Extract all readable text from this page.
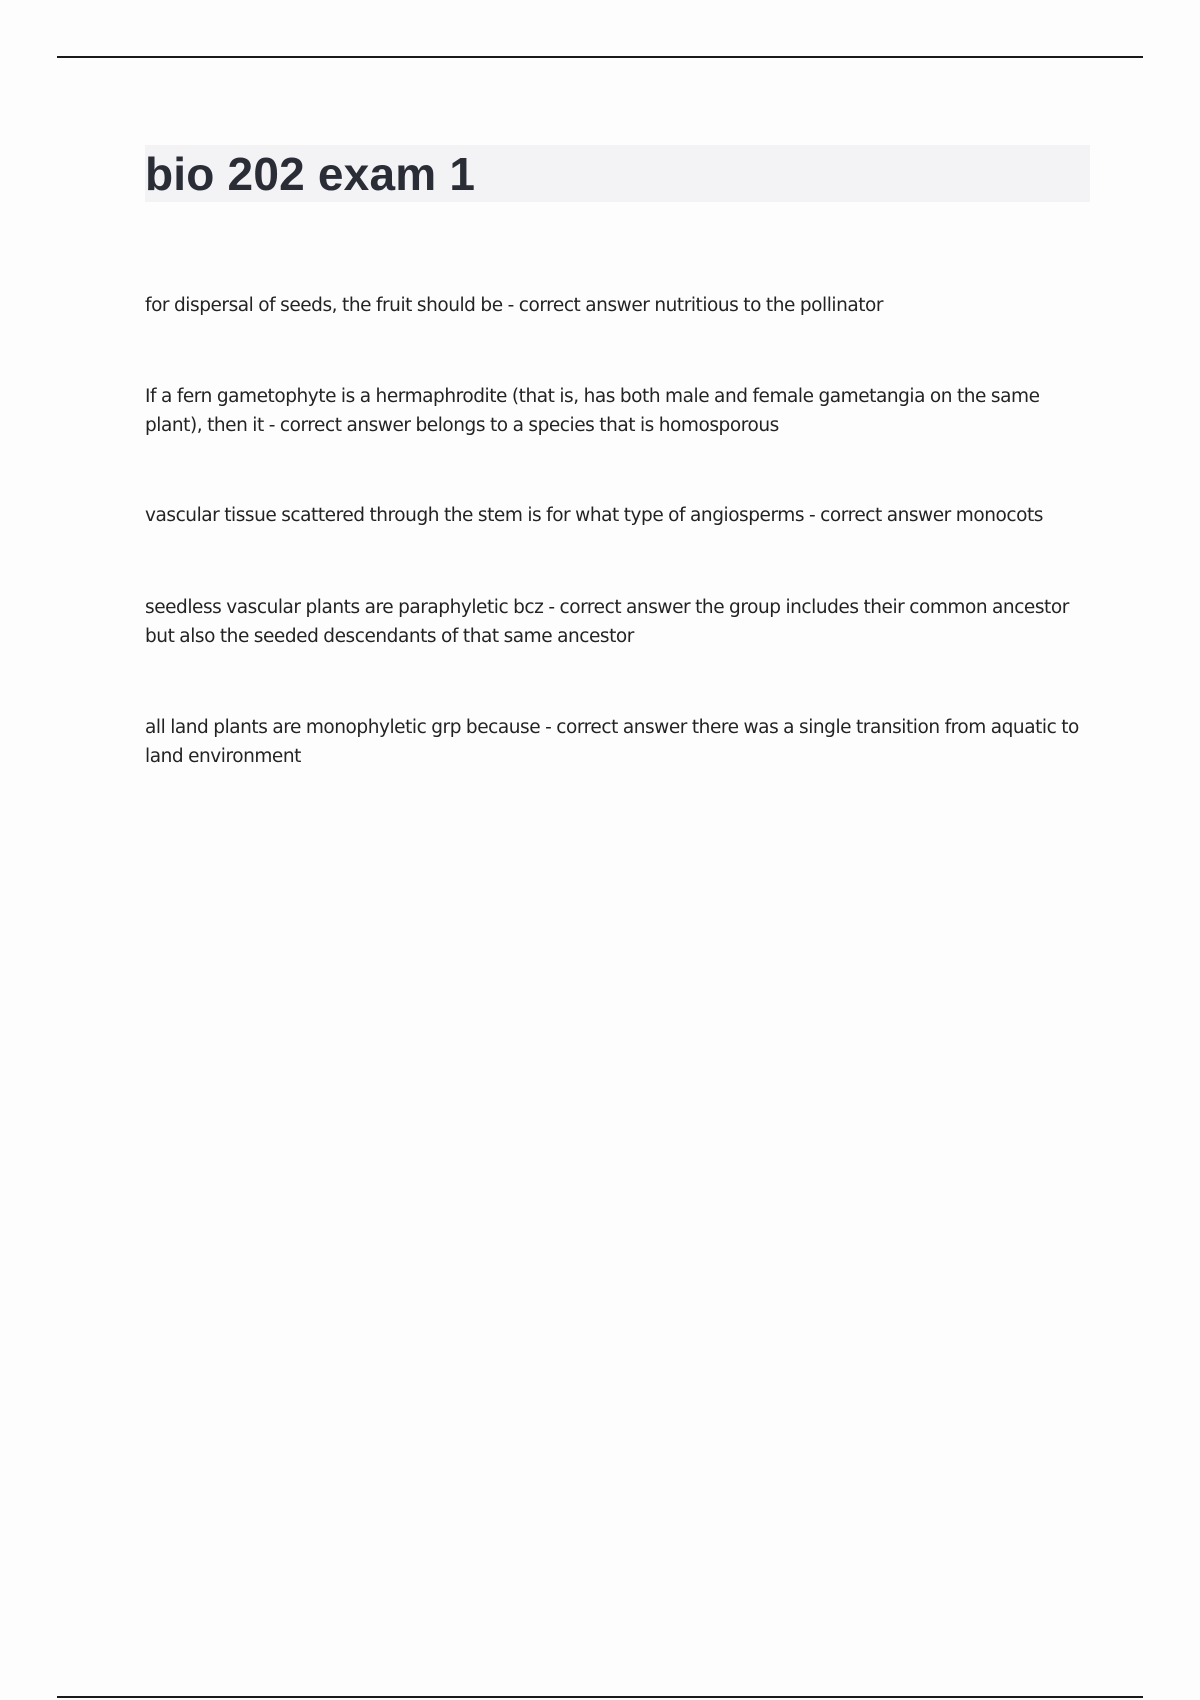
bio 202 exam 1

for dispersal of seeds, the fruit should be - correct answer nutritious to the pollinator

If a fern gametophyte is a hermaphrodite (that is, has both male and female gametangia on the same plant), then it - correct answer belongs to a species that is homosporous

vascular tissue scattered through the stem is for what type of angiosperms - correct answer monocots

seedless vascular plants are paraphyletic bcz - correct answer the group includes their common ancestor but also the seeded descendants of that same ancestor

all land plants are monophyletic grp because - correct answer there was a single transition from aquatic to land environment
